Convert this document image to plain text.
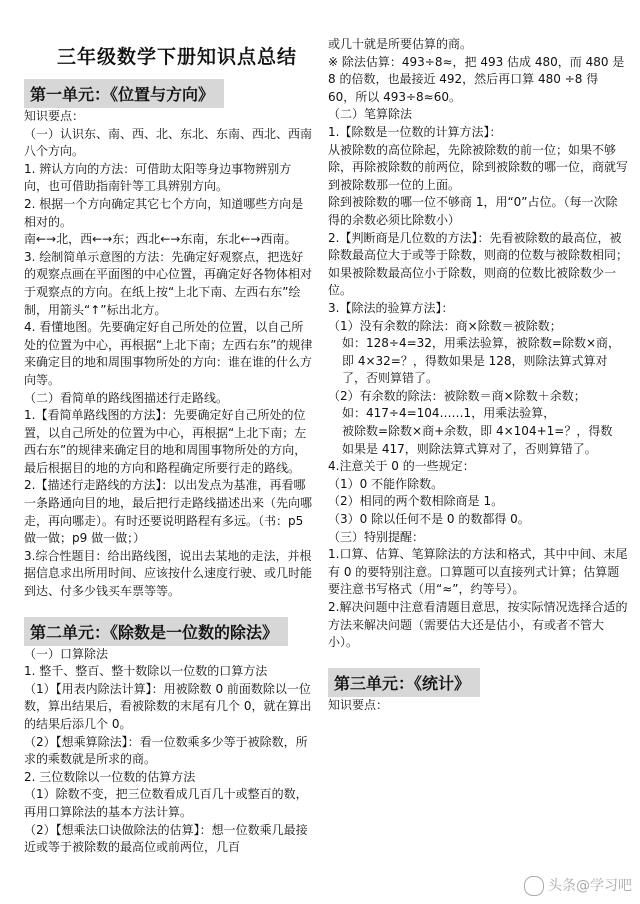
三年级数学下册知识点总结
第一单元：《位置与方向》

知识要点：

（一）认识东、南、西、北、东北、东南、西北、西南八个方向。

1. 辨认方向的方法：可借助太阳等身边事物辨别方向，也可借助指南针等工具辨别方向。

2. 根据一个方向确定其它七个方向，知道哪些方向是相对的。

南←→北，西←→东；西北←→东南，东北←→西南。

3. 绘制简单示意图的方法：先确定好观察点，把选好的观察点画在平面图的中心位置，再确定好各物体相对于观察点的方向。在纸上按“上北下南、左西右东”绘制，用箭头“↑”标出北方。

4. 看懂地图。先要确定好自己所处的位置，以自己所处的位置为中心，再根据“上北下南；左西右东”的规律来确定目的地和周围事物所处的方向：谁在谁的什么方向等。

（二）看简单的路线图描述行走路线。

1.【看简单路线图的方法】：先要确定好自己所处的位置，以自己所处的位置为中心，再根据“上北下南；左西右东”的规律来确定目的地和周围事物所处的方向，最后根据目的地的方向和路程确定所要行走的路线。

2.【描述行走路线的方法】：以出发点为基准，再看哪一条路通向目的地，最后把行走路线描述出来（先向哪走，再向哪走）。有时还要说明路程有多远。（书：p5 做一做；p9 做一做；）

3.综合性题目：给出路线图，说出去某地的走法，并根据信息求出所用时间、应该按什么速度行驶、或几时能到达、付多少钱买车票等等。

第二单元：《除数是一位数的除法》

（一）口算除法

1. 整千、整百、整十数除以一位数的口算方法

（1）【用表内除法计算】：用被除数 0 前面数除以一位数，算出结果后，看被除数的末尾有几个 0，就在算出的结果后添几个 0。

（2）【想乘算除法】：看一位数乘多少等于被除数，所求的乘数就是所求的商。

2. 三位数除以一位数的估算方法

（1）除数不变，把三位数看成几百几十或整百的数，再用口算除法的基本方法计算。

（2）【想乘法口诀做除法的估算】：想一位数乘几最接近或等于被除数的最高位或前两位，几百

或几十就是所要估算的商。

※ 除法估算：493÷8≈，把 493 估成 480，而 480 是 8 的倍数，也最接近 492，然后再口算 480 ÷8 得 60，所以 493÷8≈60。

（二）笔算除法

1.【除数是一位数的计算方法】：

从被除数的高位除起，先除被除数的前一位；如果不够除，再除被除数的前两位，除到被除数的哪一位，商就写到被除数那一位的上面。

除到被除数的哪一位不够商 1，用“0”占位。（每一次除得的余数必须比除数小）

2.【判断商是几位数的方法】：先看被除数的最高位，被除数最高位大于或等于除数，则商的位数与被除数相同；如果被除数最高位小于除数，则商的位数比被除数少一位。

3.【除法的验算方法】：

（1）没有余数的除法：商×除数＝被除数；

如：128÷4=32，用乘法验算，被除数=除数×商，即 4×32=？，得数如果是 128，则除法算式算对了，否则算错了。

（2）有余数的除法：被除数＝商×除数＋余数；

如：417÷4=104……1，用乘法验算，

被除数=除数×商+余数，即 4×104+1=？，得数

如果是 417，则除法算式算对了，否则算错了。

4.注意关于 0 的一些规定：

（1）0 不能作除数。

（2）相同的两个数相除商是 1。

（3）0 除以任何不是 0 的数都得 0。

（三）特别提醒：

1.口算、估算、笔算除法的方法和格式，其中中间、末尾有 0 的要特别注意。口算题可以直接列式计算；估算题要注意书写格式（用“≈”，约等号）。

2.解决问题中注意看清题目意思，按实际情况选择合适的方法来解决问题（需要估大还是估小，有或者不管大小）。

第三单元：《统计》

知识要点：

头条@学习吧
